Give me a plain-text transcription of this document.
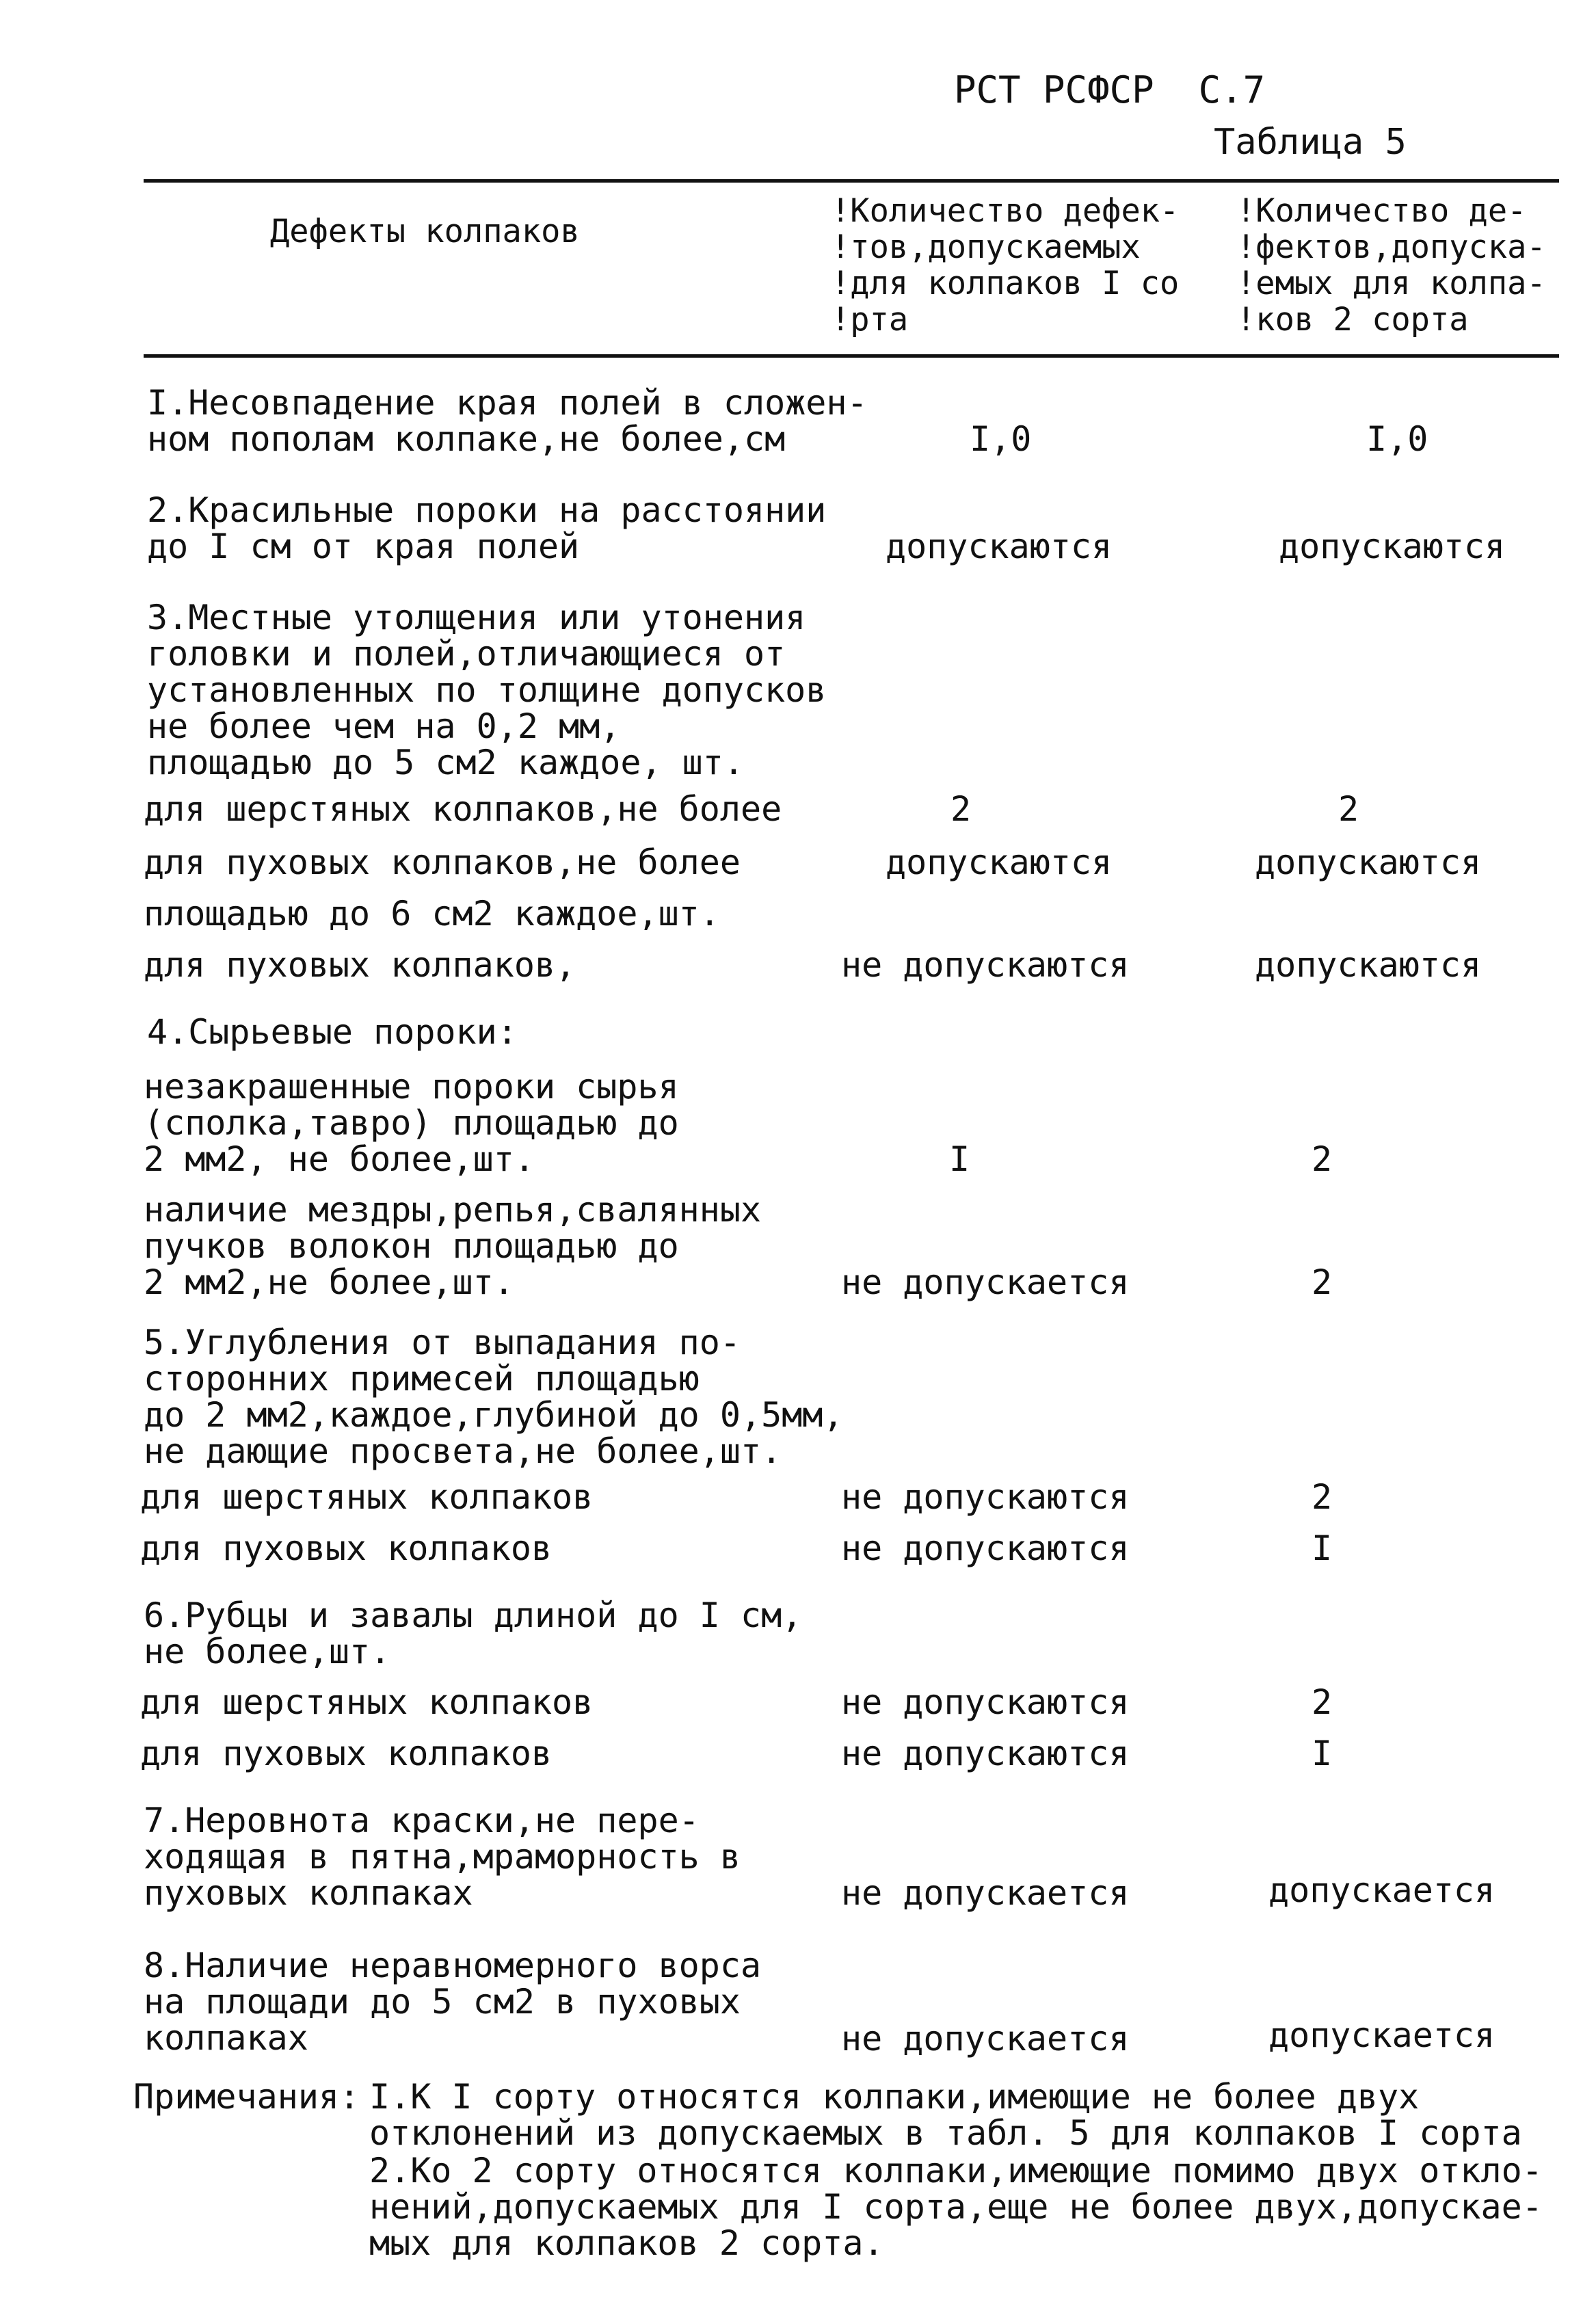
РСТ РСФСР  С.7
Таблица 5
Дефекты колпаков
!Количество дефек-
!тов,допускаемых
!для колпаков I со
!рта
!Количество де-
!фектов,допуска-
!емых для колпа-
!ков 2 сорта
I.Несовпадение края полей в сложен-
ном пополам колпаке,не более,см	I,0	I,0
2.Красильные пороки на расстоянии
до I см от края полей	допускаются	допускаются
3.Местные утолщения или утонения
головки и полей,отличающиеся от
установленных по толщине допусков
не более чем на 0,2 мм,
площадью до 5 см2 каждое, шт.
для шерстяных колпаков,не более	2	2
для пуховых колпаков,не более	допускаются	допускаются
площадью до 6 см2 каждое,шт.
для пуховых колпаков,	не допускаются	допускаются
4.Сырьевые пороки:
незакрашенные пороки сырья
(сполка,тавро) площадью до
2 мм2, не более,шт.	I	2
наличие мездры,репья,свалянных
пучков волокон площадью до
2 мм2,не более,шт.	не допускается	2
5.Углубления от выпадания по-
сторонних примесей площадью
до 2 мм2,каждое,глубиной до 0,5мм,
не дающие просвета,не более,шт.
для шерстяных колпаков	не допускаются	2
для пуховых колпаков	не допускаются	I
6.Рубцы и завалы длиной до I см,
не более,шт.
для шерстяных колпаков	не допускаются	2
для пуховых колпаков	не допускаются	I
7.Неровнота краски,не пере-
ходящая в пятна,мраморность в
пуховых колпаках	не допускается	допускается
8.Наличие неравномерного ворса
на площади до 5 см2 в пуховых
колпаках	не допускается	допускается
Примечания: I.К I сорту относятся колпаки,имеющие не более двух
отклонений из допускаемых в табл. 5 для колпаков I сорта
2.Ко 2 сорту относятся колпаки,имеющие помимо двух откло-
нений,допускаемых для I сорта,еще не более двух,допускае-
мых для колпаков 2 сорта.
